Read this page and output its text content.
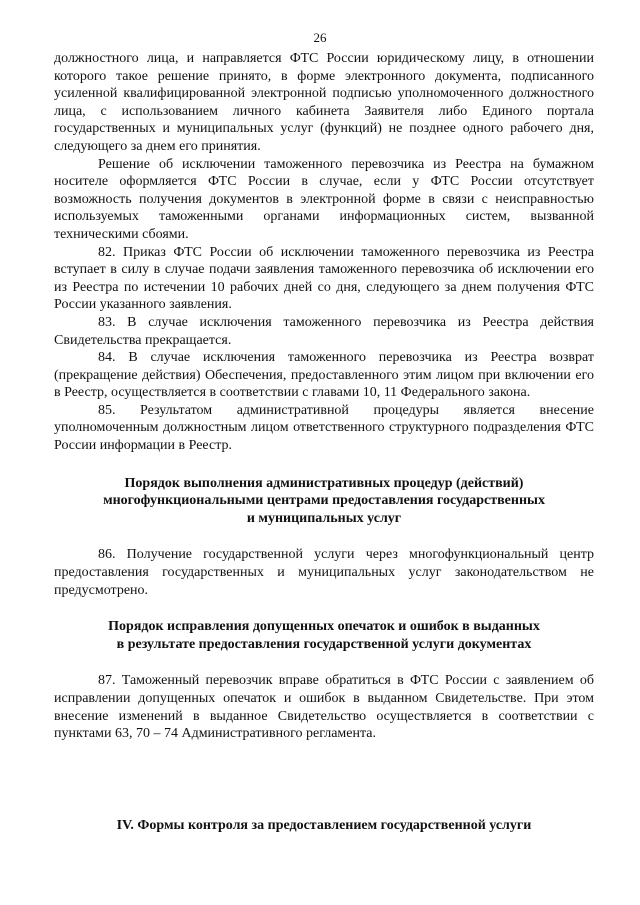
26

должностного лица, и направляется ФТС России юридическому лицу, в отношении которого такое решение принято, в форме электронного документа, подписанного усиленной квалифицированной электронной подписью уполномоченного должностного лица, с использованием личного кабинета Заявителя либо Единого портала государственных и муниципальных услуг (функций) не позднее одного рабочего дня, следующего за днем его принятия.

Решение об исключении таможенного перевозчика из Реестра на бумажном носителе оформляется ФТС России в случае, если у ФТС России отсутствует возможность получения документов в электронной форме в связи с неисправностью используемых таможенными органами информационных систем, вызванной техническими сбоями.

82. Приказ ФТС России об исключении таможенного перевозчика из Реестра вступает в силу в случае подачи заявления таможенного перевозчика об исключении его из Реестра по истечении 10 рабочих дней со дня, следующего за днем получения ФТС России указанного заявления.

83. В случае исключения таможенного перевозчика из Реестра действия Свидетельства прекращается.

84. В случае исключения таможенного перевозчика из Реестра возврат (прекращение действия) Обеспечения, предоставленного этим лицом при включении его в Реестр, осуществляется в соответствии с главами 10, 11 Федерального закона.

85. Результатом административной процедуры является внесение уполномоченным должностным лицом ответственного структурного подразделения ФТС России информации в Реестр.

Порядок выполнения административных процедур (действий)
многофункциональными центрами предоставления государственных
и муниципальных услуг

86. Получение государственной услуги через многофункциональный центр предоставления государственных и муниципальных услуг законодательством не предусмотрено.

Порядок исправления допущенных опечаток и ошибок в выданных
в результате предоставления государственной услуги документах

87. Таможенный перевозчик вправе обратиться в ФТС России с заявлением об исправлении допущенных опечаток и ошибок в выданном Свидетельстве. При этом внесение изменений в выданное Свидетельство осуществляется в соответствии с пунктами 63, 70 – 74 Административного регламента.

IV. Формы контроля за предоставлением государственной услуги
